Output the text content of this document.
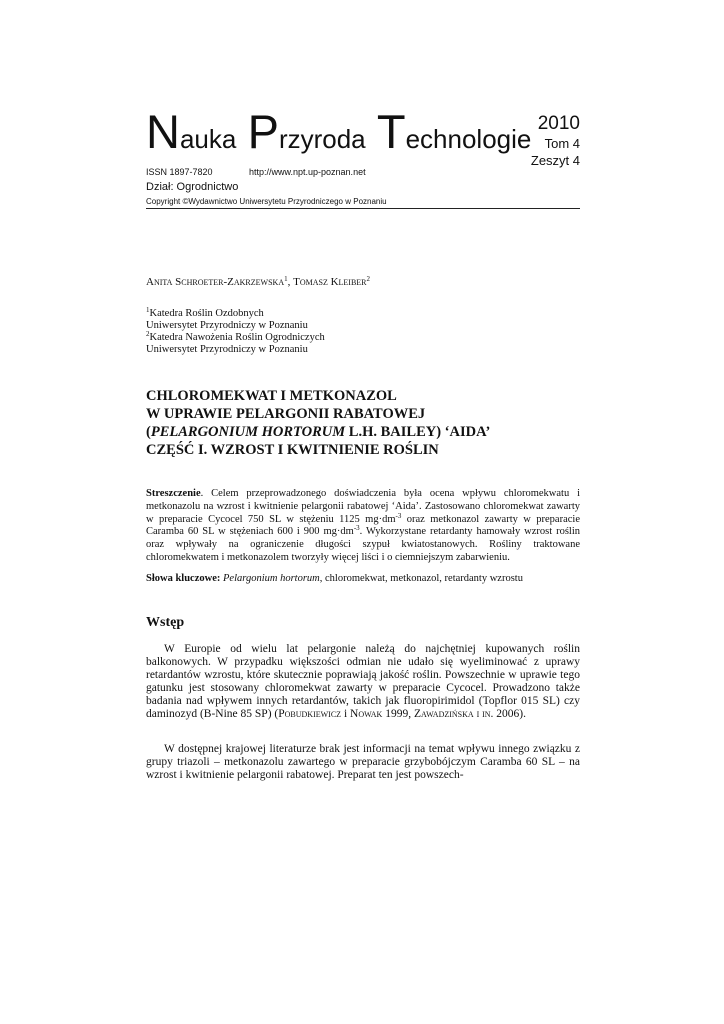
Nauka Przyroda Technologie
2010
Tom 4
Zeszyt 4
ISSN 1897-7820	http://www.npt.up-poznan.net
Dział: Ogrodnictwo
Copyright ©Wydawnictwo Uniwersytetu Przyrodniczego w Poznaniu
Anita Schroeter-Zakrzewska$^1$, Tomasz Kleiber$^2$
$^1$Katedra Roślin Ozdobnych
Uniwersytet Przyrodniczy w Poznaniu
$^2$Katedra Nawożenia Roślin Ogrodniczych
Uniwersytet Przyrodniczy w Poznaniu
CHLOROMEKWAT I METKONAZOL
W UPRAWIE PELARGONII RABATOWEJ
(PELARGONIUM HORTORUM L.H. BAILEY) ‘AIDA’
CZĘŚĆ I. WZROST I KWITNIENIE ROŚLIN
Streszczenie. Celem przeprowadzonego doświadczenia była ocena wpływu chloromekwatu i metkonazolu na wzrost i kwitnienie pelargonii rabatowej ‘Aida’. Zastosowano chloromekwat zawarty w preparacie Cycocel 750 SL w stężeniu 1125 $mg\cdot dm^{-3}$ oraz metkonazol zawarty w preparacie Caramba 60 SL w stężeniach 600 i 900 $mg\cdot dm^{-3}$. Wykorzystane retardanty hamowały wzrost roślin oraz wpływały na ograniczenie długości szypuł kwiatostanowych. Rośliny traktowane chloromekwatem i metkonazolem tworzyły więcej liści i o ciemniejszym zabarwieniu.
Słowa kluczowe: Pelargonium hortorum, chloromekwat, metkonazol, retardanty wzrostu
Wstęp
W Europie od wielu lat pelargonie należą do najchętniej kupowanych roślin balkonowych. W przypadku większości odmian nie udało się wyeliminować z uprawy retardantów wzrostu, które skutecznie poprawiają jakość roślin. Powszechnie w uprawie tego gatunku jest stosowany chloromekwat zawarty w preparacie Cycocel. Prowadzono także badania nad wpływem innych retardantów, takich jak fluoropirimidol (Topflor 015 SL) czy daminozyd (B-Nine 85 SP) (Pobudkiewicz i Nowak 1999, Zawadzińska i in. 2006).
W dostępnej krajowej literaturze brak jest informacji na temat wpływu innego związku z grupy triazoli – metkonazolu zawartego w preparacie grzybobójczym Caramba 60 SL – na wzrost i kwitnienie pelargonii rabatowej. Preparat ten jest powszech-
